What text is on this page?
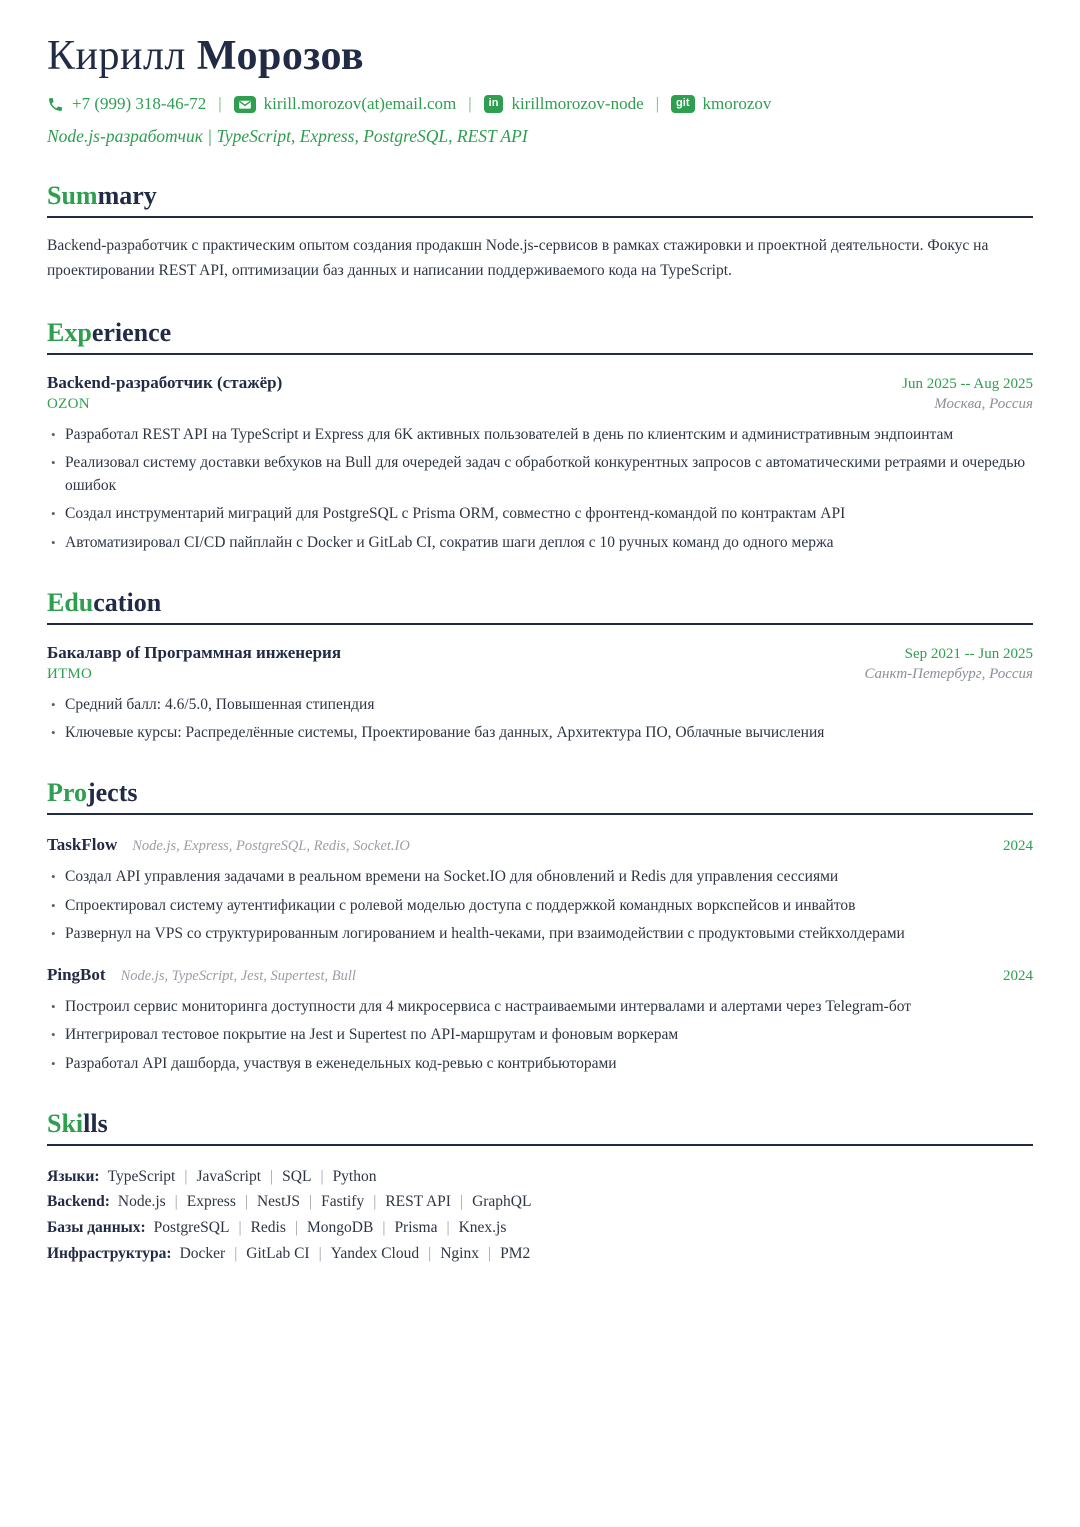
Кирилл Морозов
+7 (999) 318-46-72 |	kirill.morozov(at)email.com |	in kirillmorozov-node |	git kmorozov
Node.js-разработчик | TypeScript, Express, PostgreSQL, REST API
Summary

Backend-разработчик с практическим опытом создания продакшн Node.js-сервисов в рамках стажировки и проектной деятельности. Фокус на проектировании REST API, оптимизации баз данных и написании поддерживаемого кода на TypeScript.

Experience
Backend-разработчик (стажёр)	Jun 2025 -- Aug 2025
OZON	Москва, Россия
• Разработал REST API на TypeScript и Express для 6K активных пользователей в день по клиентским и административным эндпоинтам
• Реализовал систему доставки вебхуков на Bull для очередей задач с обработкой конкурентных запросов с автоматическими ретраями и очередью ошибок
• Создал инструментарий миграций для PostgreSQL с Prisma ORM, совместно с фронтенд-командой по контрактам API
• Автоматизировал CI/CD пайплайн с Docker и GitLab CI, сократив шаги деплоя с 10 ручных команд до одного мержа
Education
Бакалавр of Программная инженерия	Sep 2021 -- Jun 2025
ИТМО	Санкт-Петербург, Россия
• Средний балл: 4.6/5.0, Повышенная стипендия
• Ключевые курсы: Распределённые системы, Проектирование баз данных, Архитектура ПО, Облачные вычисления
Projects
TaskFlow Node.js, Express, PostgreSQL, Redis, Socket.IO	2024
• Создал API управления задачами в реальном времени на Socket.IO для обновлений и Redis для управления сессиями
• Спроектировал систему аутентификации с ролевой моделью доступа с поддержкой командных воркспейсов и инвайтов
• Развернул на VPS со структурированным логированием и health-чеками, при взаимодействии с продуктовыми стейкхолдерами
PingBot Node.js, TypeScript, Jest, Supertest, Bull	2024
• Построил сервис мониторинга доступности для 4 микросервиса с настраиваемыми интервалами и алертами через Telegram-бот
• Интегрировал тестовое покрытие на Jest и Supertest по API-маршрутам и фоновым воркерам
• Разработал API дашборда, участвуя в еженедельных код-ревью с контрибьюторами
Skills
Языки: TypeScript | JavaScript | SQL | Python
Backend: Node.js | Express | NestJS | Fastify | REST API | GraphQL
Базы данных: PostgreSQL | Redis | MongoDB | Prisma | Knex.js
Инфраструктура: Docker | GitLab CI | Yandex Cloud | Nginx | PM2
